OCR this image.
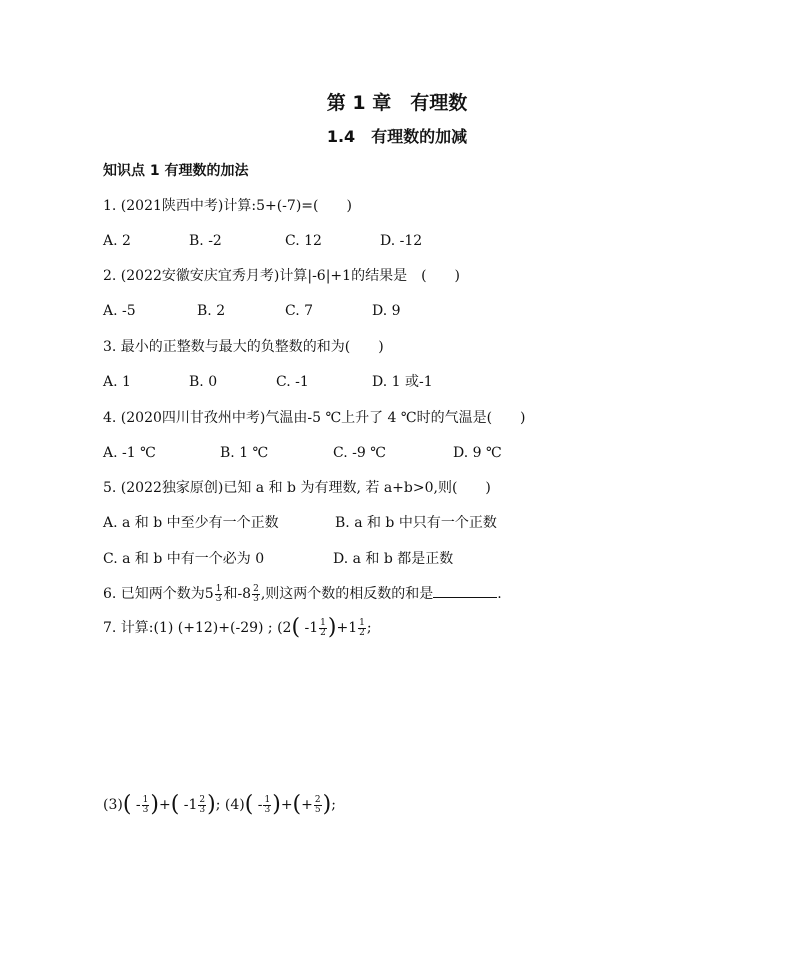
第 1 章　有理数
1.4　有理数的加减
知识点 1 有理数的加法
1. (2021陕西中考)计算:5+(-7)=(　　)
A. 2	B. -2	C. 12	D. -12
2. (2022安徽安庆宜秀月考)计算|-6|+1的结果是　(　　)
A. -5	B. 2	C. 7	D. 9
3. 最小的正整数与最大的负整数的和为(　　)
A. 1	B. 0	C. -1	D. 1 或-1
4. (2020四川甘孜州中考)气温由-5 ℃上升了 4 ℃时的气温是(　　)
A. -1 ℃	B. 1 ℃	C. -9 ℃	D. 9 ℃
5. (2022独家原创)已知 a 和 b 为有理数, 若 a+b>0,则(　　)
A. a 和 b 中至少有一个正数	B. a 和 b 中只有一个正数
C. a 和 b 中有一个必为 0	D. a 和 b 都是正数
6. 已知两个数为$5 \frac{1}{3}$ 和$-8 \frac{2}{3}$ ,则这两个数的相反数的和是	.
7. 计算:(1) (+12)+(-29) ; (2( $-1 \frac{1}{2} )+1 \frac{1}{2}$ ;
$(3)( - \frac{1}{3}$ )+( $-1 \frac{2}{3}$ ); $(4)( - \frac{1}{3}$ )+(+ $\frac{2}{5}$ );
